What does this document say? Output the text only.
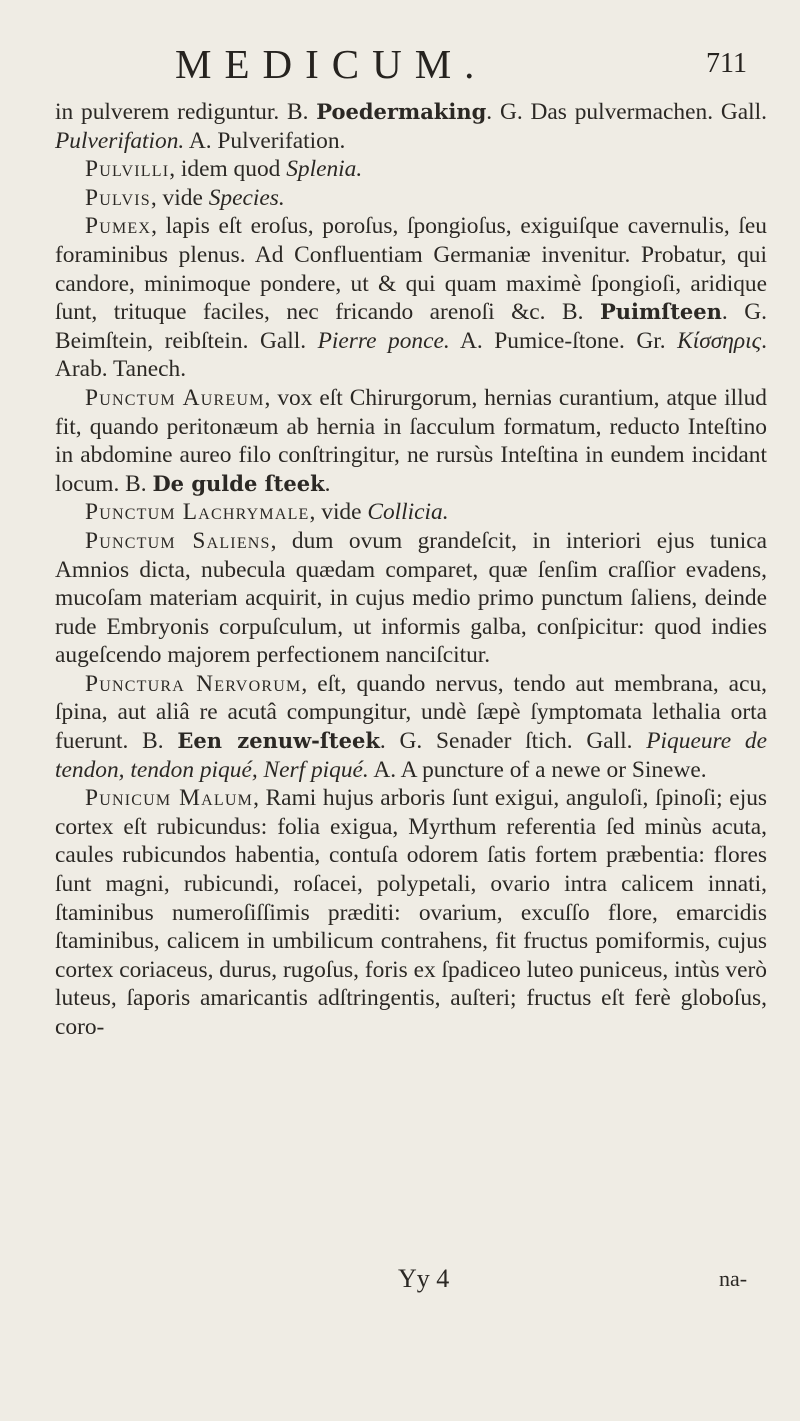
MEDICUM.	711

in pulverem rediguntur. B. Poedermaking. G. Das pulvermachen. Gall. Pulverifation. A. Pulverifation.

Pulvilli, idem quod Splenia.

Pulvis, vide Species.

Pumex, lapis eſt eroſus, poroſus, ſpongioſus, exiguiſque cavernulis, ſeu foraminibus plenus. Ad Confluentiam Germaniæ invenitur. Probatur, qui candore, minimoque pondere, ut & qui quam maximè ſpongioſi, aridique ſunt, trituque faciles, nec fricando arenoſi &c. B. Puimſteen. G. Beimſtein, reibſtein. Gall. Pierre ponce. A. Pumice-ſtone. Gr. Κίσσηρις. Arab. Tanech.

Punctum Aureum, vox eſt Chirurgorum, hernias curantium, atque illud fit, quando peritonæum ab hernia in ſacculum formatum, reducto Inteſtino in abdomine aureo filo conſtringitur, ne rursùs Inteſtina in eundem incidant locum. B. De gulde ſteek.

Punctum Lachrymale, vide Collicia.

Punctum Saliens, dum ovum grandeſcit, in interiori ejus tunica Amnios dicta, nubecula quædam comparet, quæ ſenſim craſſior evadens, mucoſam materiam acquirit, in cujus medio primo punctum ſaliens, deinde rude Embryonis corpuſculum, ut informis galba, conſpicitur: quod indies augeſcendo majorem perfectionem nanciſcitur.

Punctura Nervorum, eſt, quando nervus, tendo aut membrana, acu, ſpina, aut aliâ re acutâ compungitur, undè ſæpè ſymptomata lethalia orta fuerunt. B. Een zenuw-ſteek. G. Senader ſtich. Gall. Piqueure de tendon, tendon piqué, Nerf piqué. A. A puncture of a newe or Sinewe.

Punicum Malum, Rami hujus arboris ſunt exigui, anguloſi, ſpinoſi; ejus cortex eſt rubicundus: folia exigua, Myrthum referentia ſed minùs acuta, caules rubicundos habentia, contuſa odorem ſatis fortem præbentia: flores ſunt magni, rubicundi, roſacei, polypetali, ovario intra calicem innati, ſtaminibus numeroſiſſimis præditi: ovarium, excuſſo flore, emarcidis ſtaminibus, calicem in umbilicum contrahens, fit fructus pomiformis, cujus cortex coriaceus, durus, rugoſus, foris ex ſpadiceo luteo puniceus, intùs verò luteus, ſaporis amaricantis adſtringentis, auſteri; fructus eſt ferè globoſus, coro-

Yy 4	na-
